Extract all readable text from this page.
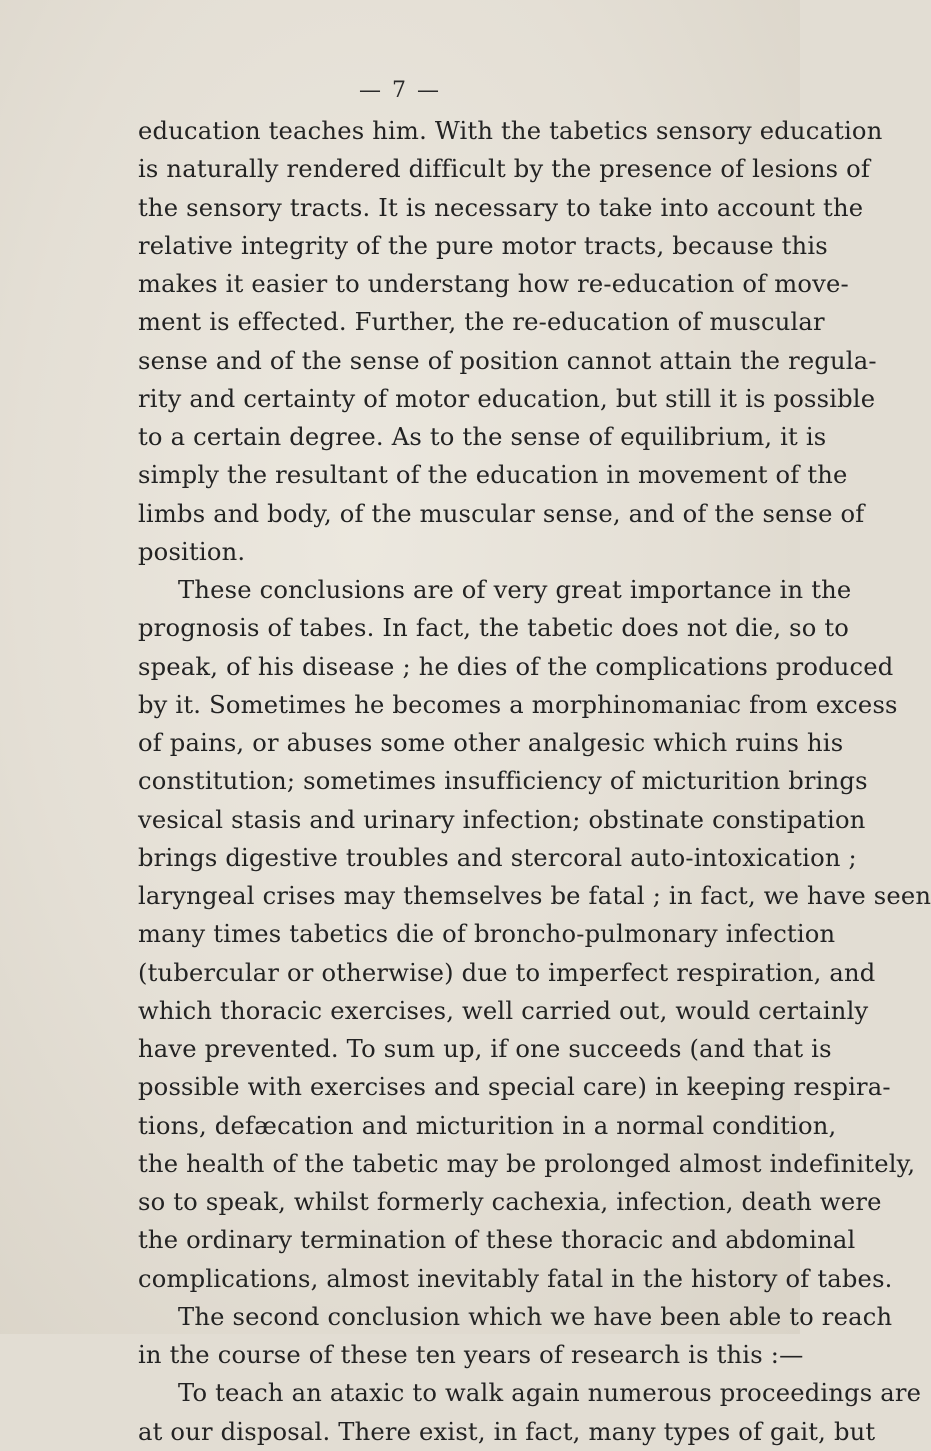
— 7 —
education teaches him. With the tabetics sensory education
is naturally rendered difficult by the presence of lesions of
the sensory tracts. It is necessary to take into account the
relative integrity of the pure motor tracts, because this
makes it easier to understang how re-education of move-
ment is effected. Further, the re-education of muscular
sense and of the sense of position cannot attain the regula-
rity and certainty of motor education, but still it is possible
to a certain degree. As to the sense of equilibrium, it is
simply the resultant of the education in movement of the
limbs and body, of the muscular sense, and of the sense of
position.
These conclusions are of very great importance in the
prognosis of tabes. In fact, the tabetic does not die, so to
speak, of his disease ; he dies of the complications produced
by it. Sometimes he becomes a morphinomaniac from excess
of pains, or abuses some other analgesic which ruins his
constitution; sometimes insufficiency of micturition brings
vesical stasis and urinary infection; obstinate constipation
brings digestive troubles and stercoral auto-intoxication ;
laryngeal crises may themselves be fatal ; in fact, we have seen
many times tabetics die of broncho-pulmonary infection
(tubercular or otherwise) due to imperfect respiration, and
which thoracic exercises, well carried out, would certainly
have prevented. To sum up, if one succeeds (and that is
possible with exercises and special care) in keeping respira-
tions, defæcation and micturition in a normal condition,
the health of the tabetic may be prolonged almost indefinitely,
so to speak, whilst formerly cachexia, infection, death were
the ordinary termination of these thoracic and abdominal
complications, almost inevitably fatal in the history of tabes.
The second conclusion which we have been able to reach
in the course of these ten years of research is this :—
To teach an ataxic to walk again numerous proceedings are
at our disposal. There exist, in fact, many types of gait, but
